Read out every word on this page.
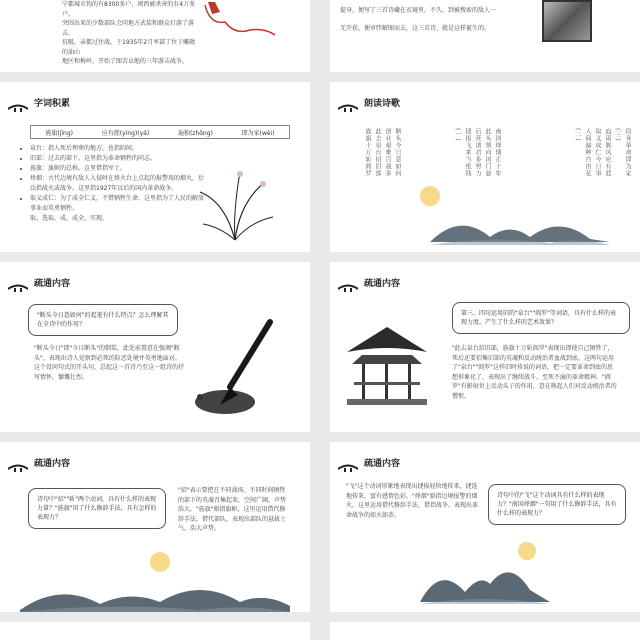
宁都城市钩的有8300多户，闽西被杀害的有4万多户。
突围出来的少数部队会同地方武装和群众打游了游击，
坑吸，亲都过往战。于1935年2月率部了位于雕敞的油山
地区和梅岭，开始了图苦卓绝的三年游击战争。
提身，便写了三首诗藏在衣镜里。不久，到被搜索的敌人一
无开获，便审绊解图而去，这三首诗，就是这样诞生的。
字词积累
旌旗(jīng)	应有涯(yíng)(yá)	遍独(zhōng)	即为家(wèi)
• 泉台：指人死后埋葬的地方，也指阴间。
• 旧部：过去的部下。这里指为革命牺牲的同志。
• 旌旗：旗帜的总称。这里借指军士。
• 烽烟：古代边境有敌人入侵时在烽火台上点起的报警用的烟火，后泛指战火或战争。这里指1927年以后的国内革命战争。
• 取义成仁：为了成全仁义，不惜牺牲生命。这里指为了人民的解放事业而英勇牺牲。
取，选取。成，成全，实现。
朗读诗歌
投身革命即为家
(三)
血雨腥风应有涯
取义成仁今日事
人间遍种自由花
(二)
南国烽烟正十年
此头须向国门悬
后死诸君多努力
捷报飞来当纸钱
(一)
断头今日意如何
创业艰难百战多
此去泉台招旧部
旌旗十万斩阎罗
疏通内容
"断头今日意如何"的起笔有什么特点？怎么理解其在全诗中的作用？
"断头今日"即"今日断头"的倒装，此处前置意在强调"断头"，表现出诗人觉察到必死的险恶处境并英勇地面对。这个设问句式的开头句，总起这一首诗乃至这一组诗的抒写情怀，慷慨壮烈。
疏通内容
第三、四句运用旧的"泉台""阎罗"等词语，具有什么样的表现力度，产生了什么样的艺术效果？
"此去泉台招旧部，旌旗十万斩阎罗"表现出即使自己牺牲了，死后还要招集旧部的英魂和反动统治者血战到底。这两句运用了"泉台""阎罗"这样旧时传说的词语，把一定要革命到底的思想形象化了，表现出了继续战斗、至死不渝的革命精神。"阎罗"有影射世上反动头子的作用，意在唤起人们对反动统治者的憎恨。
疏通内容
诗句中"招""斩"两个动词，具有什么样的表现力量？"旌旗"用了什么修辞手法，具有怎样的表现力？
"招"表示要把在不同战场、不同时间牺牲的部下的英魂召集起来，空间广阔，声势浩大。"旌旗"原指旗帜，这里运用借代修辞手法，借代部队，表现出部队的悬拔士气，浩大声势。
疏通内容
"飞"这个动词形象地表现出捷报轻快地传来，捷连地传来，富有感情色彩。"烽烟"原指边境报警的烟火，这里运用借代修辞手法，借指战争，表现出革命战争的如火如荼。
诗句中的"飞"这个动词具有什么样的表现力？"南国烽烟"一句用了什么修辞手法，具有什么样的表现力？
